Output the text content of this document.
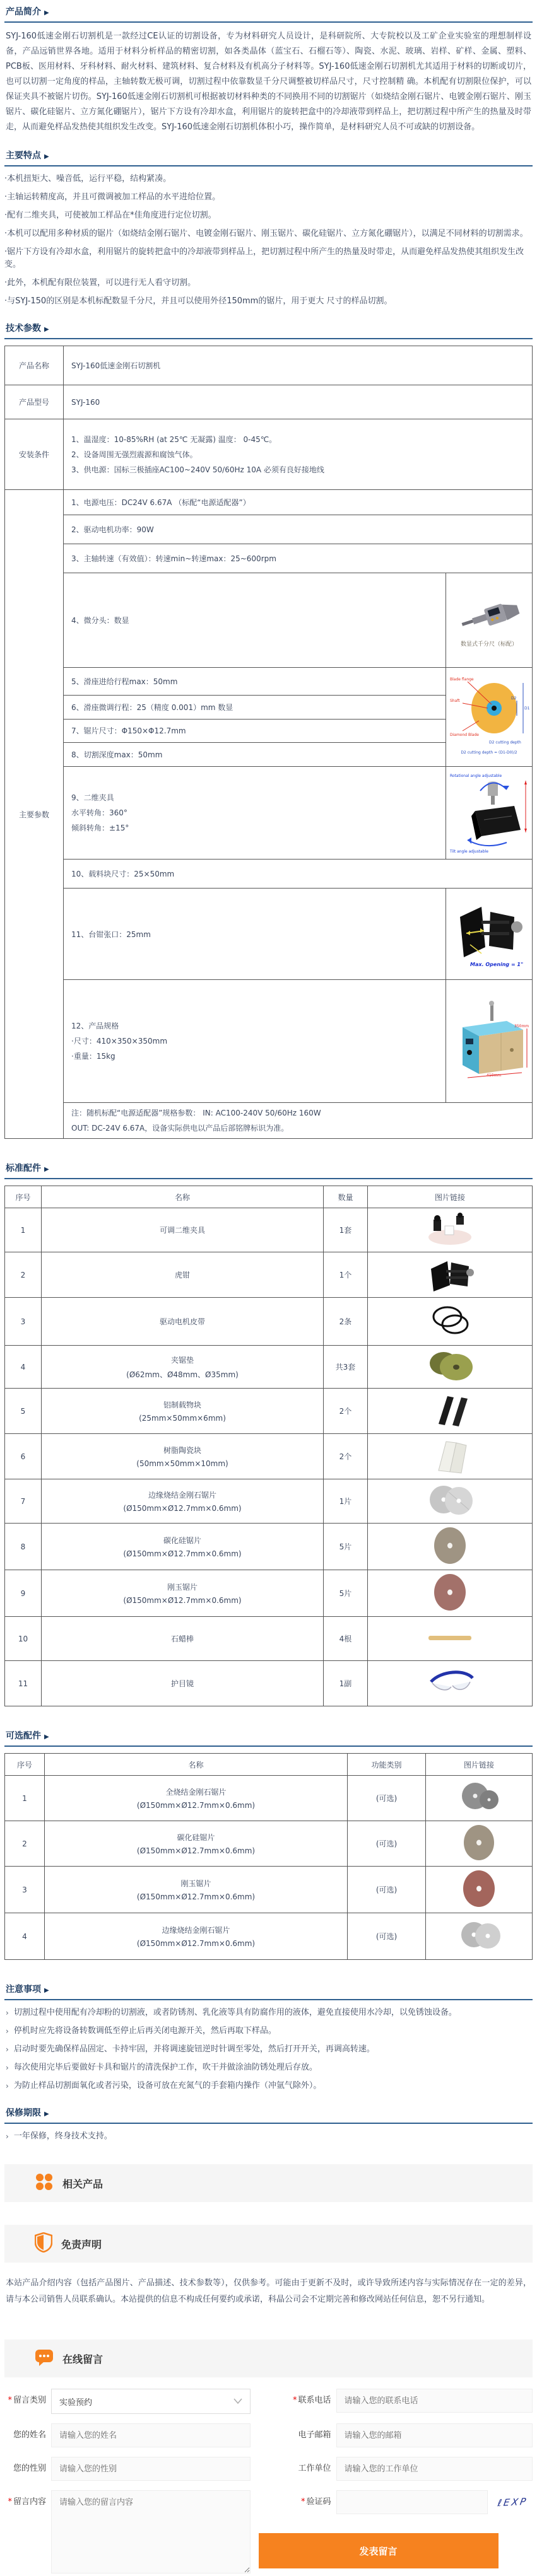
产品简介 ▶

SYJ-160低速金刚石切割机是一款经过CE认证的切割设备，专为材料研究人员设计，是科研院所、大专院校以及工矿企业实验室的理想制样设备，产品远销世界各地。适用于材料分析样品的精密切割，如各类晶体（蓝宝石、石榴石等）、陶瓷、水泥、玻璃、岩样、矿样、金属、塑料、PCB板、医用材料、牙科材料、耐火材料、建筑材料、复合材料及有机高分子材料等。SYJ-160低速金刚石切割机尤其适用于材料的切断或切片，也可以切割一定角度的样品，主轴转数无极可调，切割过程中依靠数显千分尺调整被切样品尺寸，尺寸控制精 确。本机配有切割限位保护，可以保证夹具不被锯片切伤。SYJ-160低速金刚石切割机可根据被切材料种类的不同换用不同的切割锯片（如烧结金刚石锯片、电镀金刚石锯片、刚玉锯片、碳化硅锯片、立方氮化硼锯片），锯片下方设有冷却水盒，利用锯片的旋转把盒中的冷却液带到样品上，把切割过程中所产生的热量及时带走，从而避免样品发热使其组织发生改变。SYJ-160低速金刚石切割机体积小巧，操作简单，是材料研究人员不可或缺的切割设备。

主要特点 ▶
·本机扭矩大、噪音低，运行平稳，结构紧凑。
·主轴运转精度高，并且可微调被加工样品的水平进给位置。
·配有二维夹具，可使被加工样品在*佳角度进行定位切割。
·本机可以配用多种材质的锯片（如烧结金刚石锯片、电镀金刚石锯片、刚玉锯片、碳化硅锯片、立方氮化硼锯片），以满足不同材料的切割需求。
·锯片下方设有冷却水盒，利用锯片的旋转把盒中的冷却液带到样品上，把切割过程中所产生的热量及时带走，从而避免样品发热使其组织发生改变。
·此外，本机配有限位装置，可以进行无人看守切割。
·与SYJ-150的区别是本机标配数显千分尺，并且可以使用外径150mm的锯片，用于更大 尺寸的样品切割。
技术参数 ▶
产品名称	SYJ-160低速金刚石切割机	
产品型号	SYJ-160	
安装条件	1、温湿度：10-85%RH (at 25℃ 无凝露) 温度： 0-45℃。
2、设备周围无强烈震源和腐蚀气体。
3、供电源：国标三极插座AC100~240V 50/60Hz 10A 必须有良好接地线	

主要参数	1、电源电压：DC24V 6.67A （标配“电源适配器”）	
	2、驱动电机功率：90W	
	3、主轴转速（有效值）：转速min~转速max：25~600rpm	
	4、微分头：数显	数显式千分尺（标配）

5、滑座进给行程max：50mm	Blade flange
Shaft
Diamond Blade
D1
D2
D2 cutting depth
D2 cutting depth = (D1-D0)/2

	6、滑座微调行程：25（精度 0.001）mm 数显	
	7、锯片尺寸：Φ150×Φ12.7mm	
	8、切割深度max：50mm	

9、二维夹具
水平转角：360°
倾斜转角：±15°

Rotational angle adjustable
Tilt angle adjustable

	10、载料块尺寸：25×50mm	
	11、台钳张口：25mm	Max. Opening = 1"

12、产品规格
·尺寸：410×350×350mm
·重量：15kg

410mm
350mm

	注：随机标配“电源适配器”规格参数： IN: AC100-240V 50/60Hz 160W
OUT: DC-24V 6.67A，设备实际供电以产品后部铭牌标识为准。	
标准配件 ▶
序号	名称	数量	图片链接
1	可调二维夹具	1套	
2	虎钳	1个	
3	驱动电机皮带	2条	
4	夹锯垫
(Ø62mm、Ø48mm、Ø35mm)	共3套	
5	铝制载物块
(25mm×50mm×6mm)	2个	
6	树脂陶瓷块
(50mm×50mm×10mm)	2个	
7	边缘烧结金刚石锯片
(Ø150mm×Ø12.7mm×0.6mm)	1片	
8	碳化硅锯片
(Ø150mm×Ø12.7mm×0.6mm)	5片	
9	刚玉锯片
(Ø150mm×Ø12.7mm×0.6mm)	5片	
10	石蜡棒	4根	
11	护目镜	1副	
可选配件 ▶
序号	名称	功能类别	图片链接
1	全烧结金刚石锯片
(Ø150mm×Ø12.7mm×0.6mm)	(可选)	
2	碳化硅锯片
(Ø150mm×Ø12.7mm×0.6mm)	(可选)	
3	刚玉锯片
(Ø150mm×Ø12.7mm×0.6mm)	(可选)	
4	边缘烧结金刚石锯片
(Ø150mm×Ø12.7mm×0.6mm)	(可选)	
注意事项 ▶
› 切割过程中使用配有冷却粉的切割液，或者防锈剂、乳化液等具有防腐作用的液体，避免直接使用水冷却，以免锈蚀设备。
› 停机时应先将设备转数调低至停止后再关闭电源开关，然后再取下样品。
› 启动时要先确保样品固定、卡持牢固，并将调速旋钮逆时针调至零处，然后打开开关，再调高转速。
› 每次使用完毕后要做好卡具和锯片的清洗保护工作，吹干并做涂油防锈处理后存放。
› 为防止样品切割面氧化或者污染，设备可放在充氮气的手套箱内操作（冲氩气除外）。
保修期限 ▶
› 一年保修，终身技术支持。
相关产品
免责声明

本站产品介绍内容（包括产品图片、产品描述、技术参数等），仅供参考。可能由于更新不及时，或许导致所述内容与实际情况存在一定的差异，请与本公司销售人员联系确认。本站提供的信息不构成任何要约或承诺，科晶公司会不定期完善和修改网站任何信息，恕不另行通知。

在线留言
* 留言类别 实验预约	* 联系电话
请输入您的联系电话
您的姓名
请输入您的姓名	电子邮箱
请输入您的邮箱
您的性别
请输入您的性别	工作单位
请输入您的工作单位
* 留言内容
请输入您的留言内容	* 验证码	ℓEXP
发表留言
